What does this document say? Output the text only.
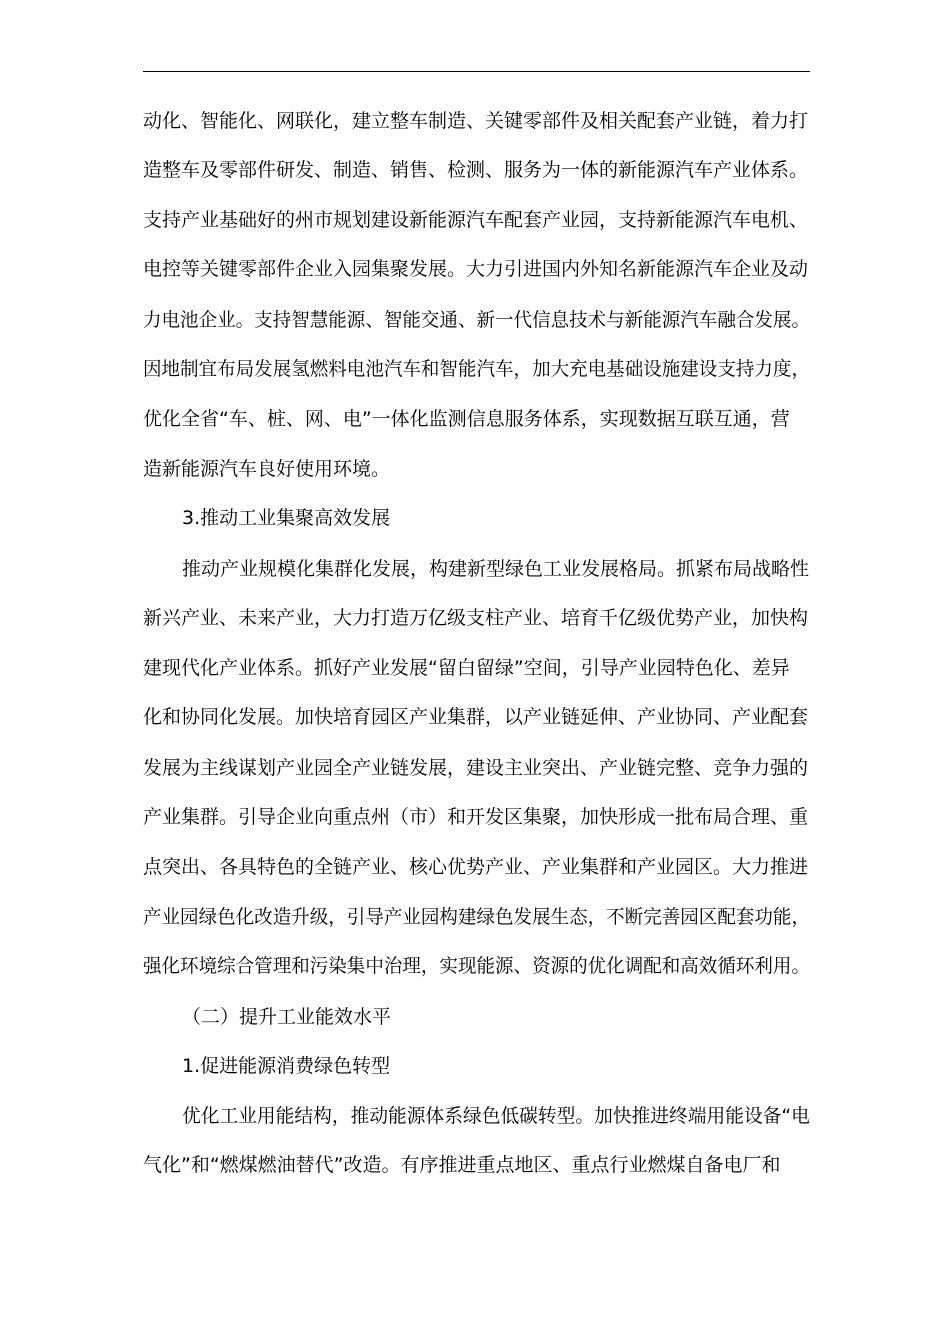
动化、智能化、网联化，建立整车制造、关键零部件及相关配套产业链，着力打
造整车及零部件研发、制造、销售、检测、服务为一体的新能源汽车产业体系。
支持产业基础好的州市规划建设新能源汽车配套产业园，支持新能源汽车电机、
电控等关键零部件企业入园集聚发展。大力引进国内外知名新能源汽车企业及动
力电池企业。支持智慧能源、智能交通、新一代信息技术与新能源汽车融合发展。
因地制宜布局发展氢燃料电池汽车和智能汽车，加大充电基础设施建设支持力度，
优化全省“车、桩、网、电”一体化监测信息服务体系，实现数据互联互通，营
造新能源汽车良好使用环境。
3.推动工业集聚高效发展
推动产业规模化集群化发展，构建新型绿色工业发展格局。抓紧布局战略性
新兴产业、未来产业，大力打造万亿级支柱产业、培育千亿级优势产业，加快构
建现代化产业体系。抓好产业发展“留白留绿”空间，引导产业园特色化、差异
化和协同化发展。加快培育园区产业集群，以产业链延伸、产业协同、产业配套
发展为主线谋划产业园全产业链发展，建设主业突出、产业链完整、竞争力强的
产业集群。引导企业向重点州（市）和开发区集聚，加快形成一批布局合理、重
点突出、各具特色的全链产业、核心优势产业、产业集群和产业园区。大力推进
产业园绿色化改造升级，引导产业园构建绿色发展生态，不断完善园区配套功能，
强化环境综合管理和污染集中治理，实现能源、资源的优化调配和高效循环利用。
（二）提升工业能效水平
1.促进能源消费绿色转型
优化工业用能结构，推动能源体系绿色低碳转型。加快推进终端用能设备“电
气化”和“燃煤燃油替代”改造。有序推进重点地区、重点行业燃煤自备电厂和
